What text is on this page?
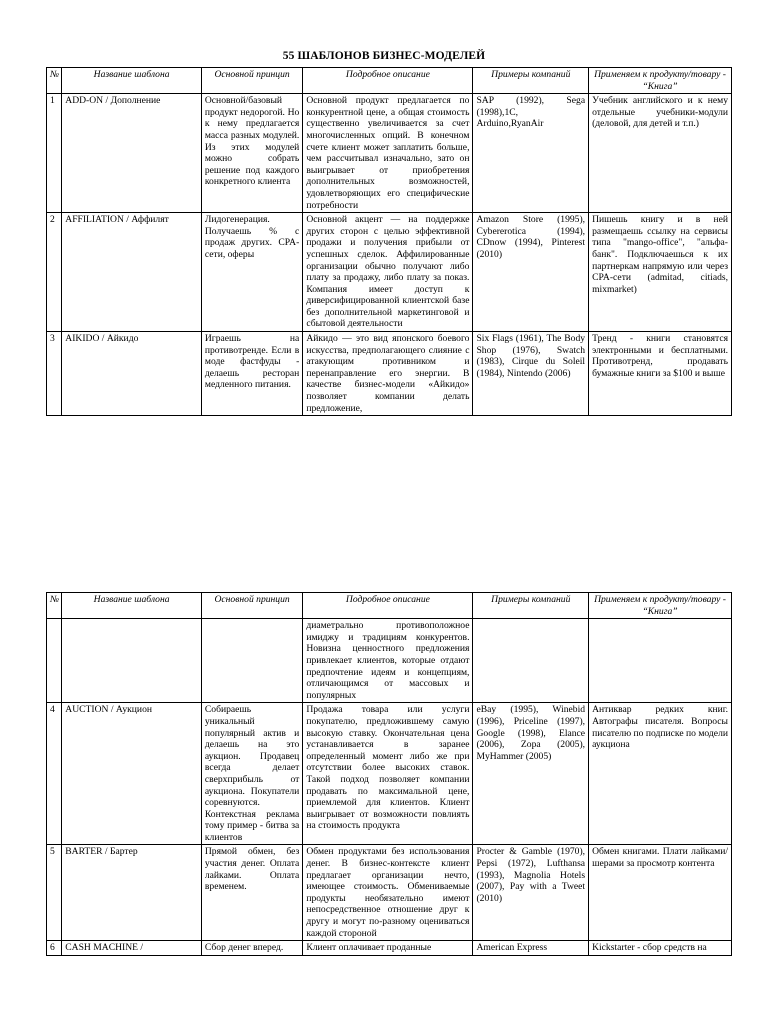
55 ШАБЛОНОВ БИЗНЕС-МОДЕЛЕЙ
№	Название шаблона	Основной принцип	Подробное описание	Примеры компаний	Применяем к продукту/товару - “Книга”
1	ADD-ON / Дополнение	Основной/базовый продукт недорогой. Но к нему предлагается масса разных модулей. Из этих модулей можно собрать решение под каждого конкретного клиента	Основной продукт предлагается по конкурентной цене, а общая стоимость существенно увеличивается за счет многочисленных опций. В конечном счете клиент может заплатить больше, чем рассчитывал изначально, зато он выигрывает от приобретения дополнительных возможностей, удовлетворяющих его специфические потребности	SAP (1992), Sega (1998),1C, Arduino,RyanAir	Учебник английского и к нему отдельные учебники-модули (деловой, для детей и т.п.)
2	AFFILIATION / Аффилят	Лидогенерация. Получаешь % с продаж других. CPA-сети, оферы	Основной акцент — на поддержке других сторон с целью эффективной продажи и получения прибыли от успешных сделок. Аффилированные организации обычно получают либо плату за продажу, либо плату за показ. Компания имеет доступ к диверсифицированной клиентской базе без дополнительной маркетинговой и сбытовой деятельности	Amazon Store (1995), Cybererotica (1994), CDnow (1994), Pinterest (2010)	Пишешь книгу и в ней размещаешь ссылку на сервисы типа "mango-office", "альфа-банк". Подключаешься к их партнеркам напрямую или через CPA-сети (admitad, citiads, mixmarket)
3	AIKIDO / Айкидо	Играешь на противотренде. Если в моде фастфуды - делаешь ресторан медленного питания.	Айкидо — это вид японского боевого искусства, предполагающего слияние с атакующим противником и перенаправление его энергии. В качестве бизнес-модели «Айкидо» позволяет компании делать предложение,	Six Flags (1961), The Body Shop (1976), Swatch (1983), Cirque du Soleil (1984), Nintendo (2006)	Тренд - книги становятся электронными и бесплатными. Противотренд, продавать бумажные книги за $100 и выше
№	Название шаблона	Основной принцип	Подробное описание	Примеры компаний	Применяем к продукту/товару - “Книга”
			диаметрально противоположное имиджу и традициям конкурентов. Новизна ценностного предложения привлекает клиентов, которые отдают предпочтение идеям и концепциям, отличающимся от массовых и популярных		
4	AUCTION / Аукцион	Собираешь уникальный популярный актив и делаешь на это аукцион. Продавец всегда делает сверхприбыль от аукциона. Покупатели соревнуются. Контекстная реклама тому пример - битва за клиентов	Продажа товара или услуги покупателю, предложившему самую высокую ставку. Окончательная цена устанавливается в заранее определенный момент либо же при отсутствии более высоких ставок. Такой подход позволяет компании продавать по максимальной цене, приемлемой для клиентов. Клиент выигрывает от возможности повлиять на стоимость продукта	eBay (1995), Winebid (1996), Priceline (1997), Google (1998), Elance (2006), Zopa (2005), MyHammer (2005)	Антиквар редких книг. Автографы писателя. Вопросы писателю по подписке по модели аукциона
5	BARTER / Бартер	Прямой обмен, без участия денег. Оплата лайками. Оплата временем.	Обмен продуктами без использования денег. В бизнес-контексте клиент предлагает организации нечто, имеющее стоимость. Обмениваемые продукты необязательно имеют непосредственное отношение друг к другу и могут по-разному оцениваться каждой стороной	Procter & Gamble (1970), Pepsi (1972), Lufthansa (1993), Magnolia Hotels (2007), Pay with a Tweet (2010)	Обмен книгами. Плати лайками/шерами за просмотр контента
6	CASH MACHINE /	Сбор денег вперед.	Клиент оплачивает проданные	American Express	Kickstarter - сбор средств на
